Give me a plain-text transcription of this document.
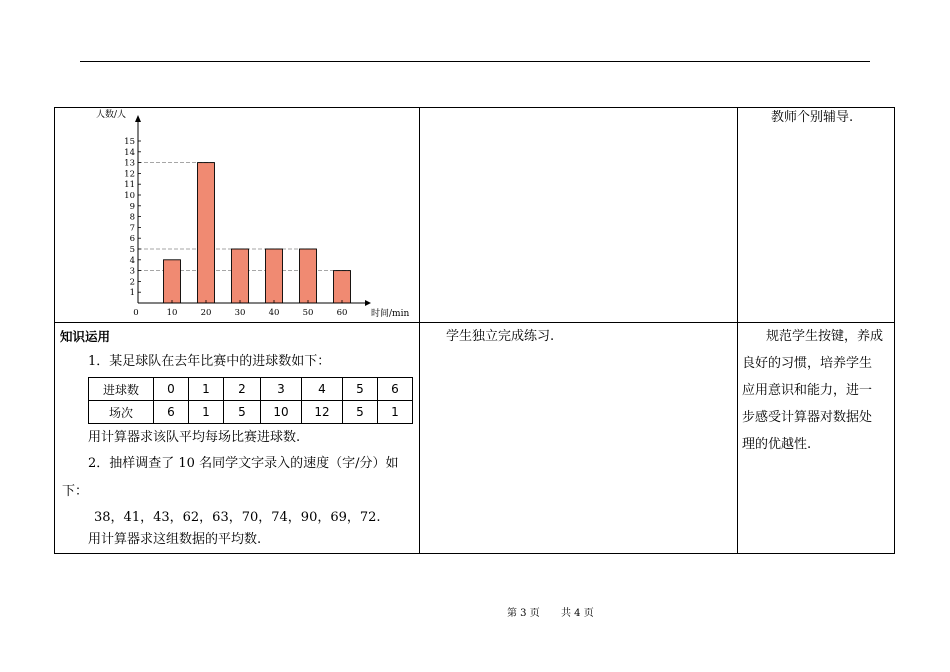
1
2
3
4
5
6
7
8
9
10
11
12
13
14
15
0	10	20	30	40	50	60
人数/人
时间/min
教师个别辅导.
知识运用
1．某足球队在去年比赛中的进球数如下：
进球数	0	1	2	3	4	5	6
场次	6	1	5	10	12	5	1
用计算器求该队平均每场比赛进球数.
2．抽样调查了 10 名同学文字录入的速度（字/分）如
下：
38，41，43，62，63，70，74，90，69，72.
用计算器求这组数据的平均数.
学生独立完成练习.	规范学生按键，养成
良好的习惯，培养学生
应用意识和能力，进一
步感受计算器对数据处
理的优越性.
第 3 页 共 4 页
